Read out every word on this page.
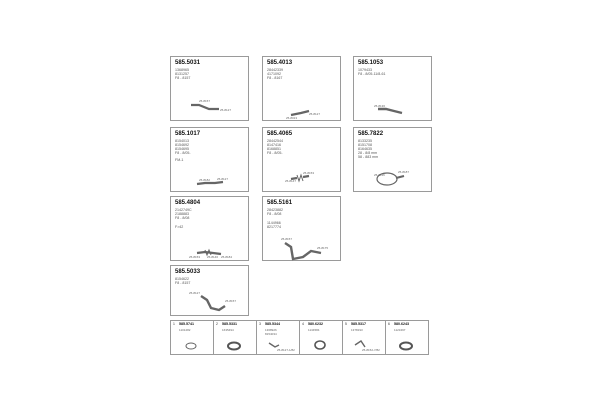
585.5031
1368965
8131257
F8 - 8157
25-8157
25-8127
585.4013
28442339
4171092
F8 - 8167
25-8013
25-8127
585.1053
1079433
F8 - 8/05-11/8-61
25-8136
585.1017
8154013
8154692
8154695
F8 - 8/05-
FM-1
25-8182 25-8127
585.4065
28442544
8147416
8168851
F8 - 8/05-
25-8147
25-8153
585.7822
8133235
8151708
8164635
28 - 8/8 mm
58 - 883 mm
25-8116
25-8187
585.4804
2142749C
2188883
F8 - 8/08
F>42
25-8153 25-8146 25-8184
585.5161
28423882
F8 - 8/08
1144966
8217774
25-8157
25-8175
585.5033
8154622
F8 - 8157
25-8127
25-8157
1 585.5741
1101282
2 585.5331
1635494
3 585.5344
1368926
8154034
25-8127-1/82
4 580.6232
1134584
5 585.5317
1378193
25-8152-7/82
6 580.6243
1123497
